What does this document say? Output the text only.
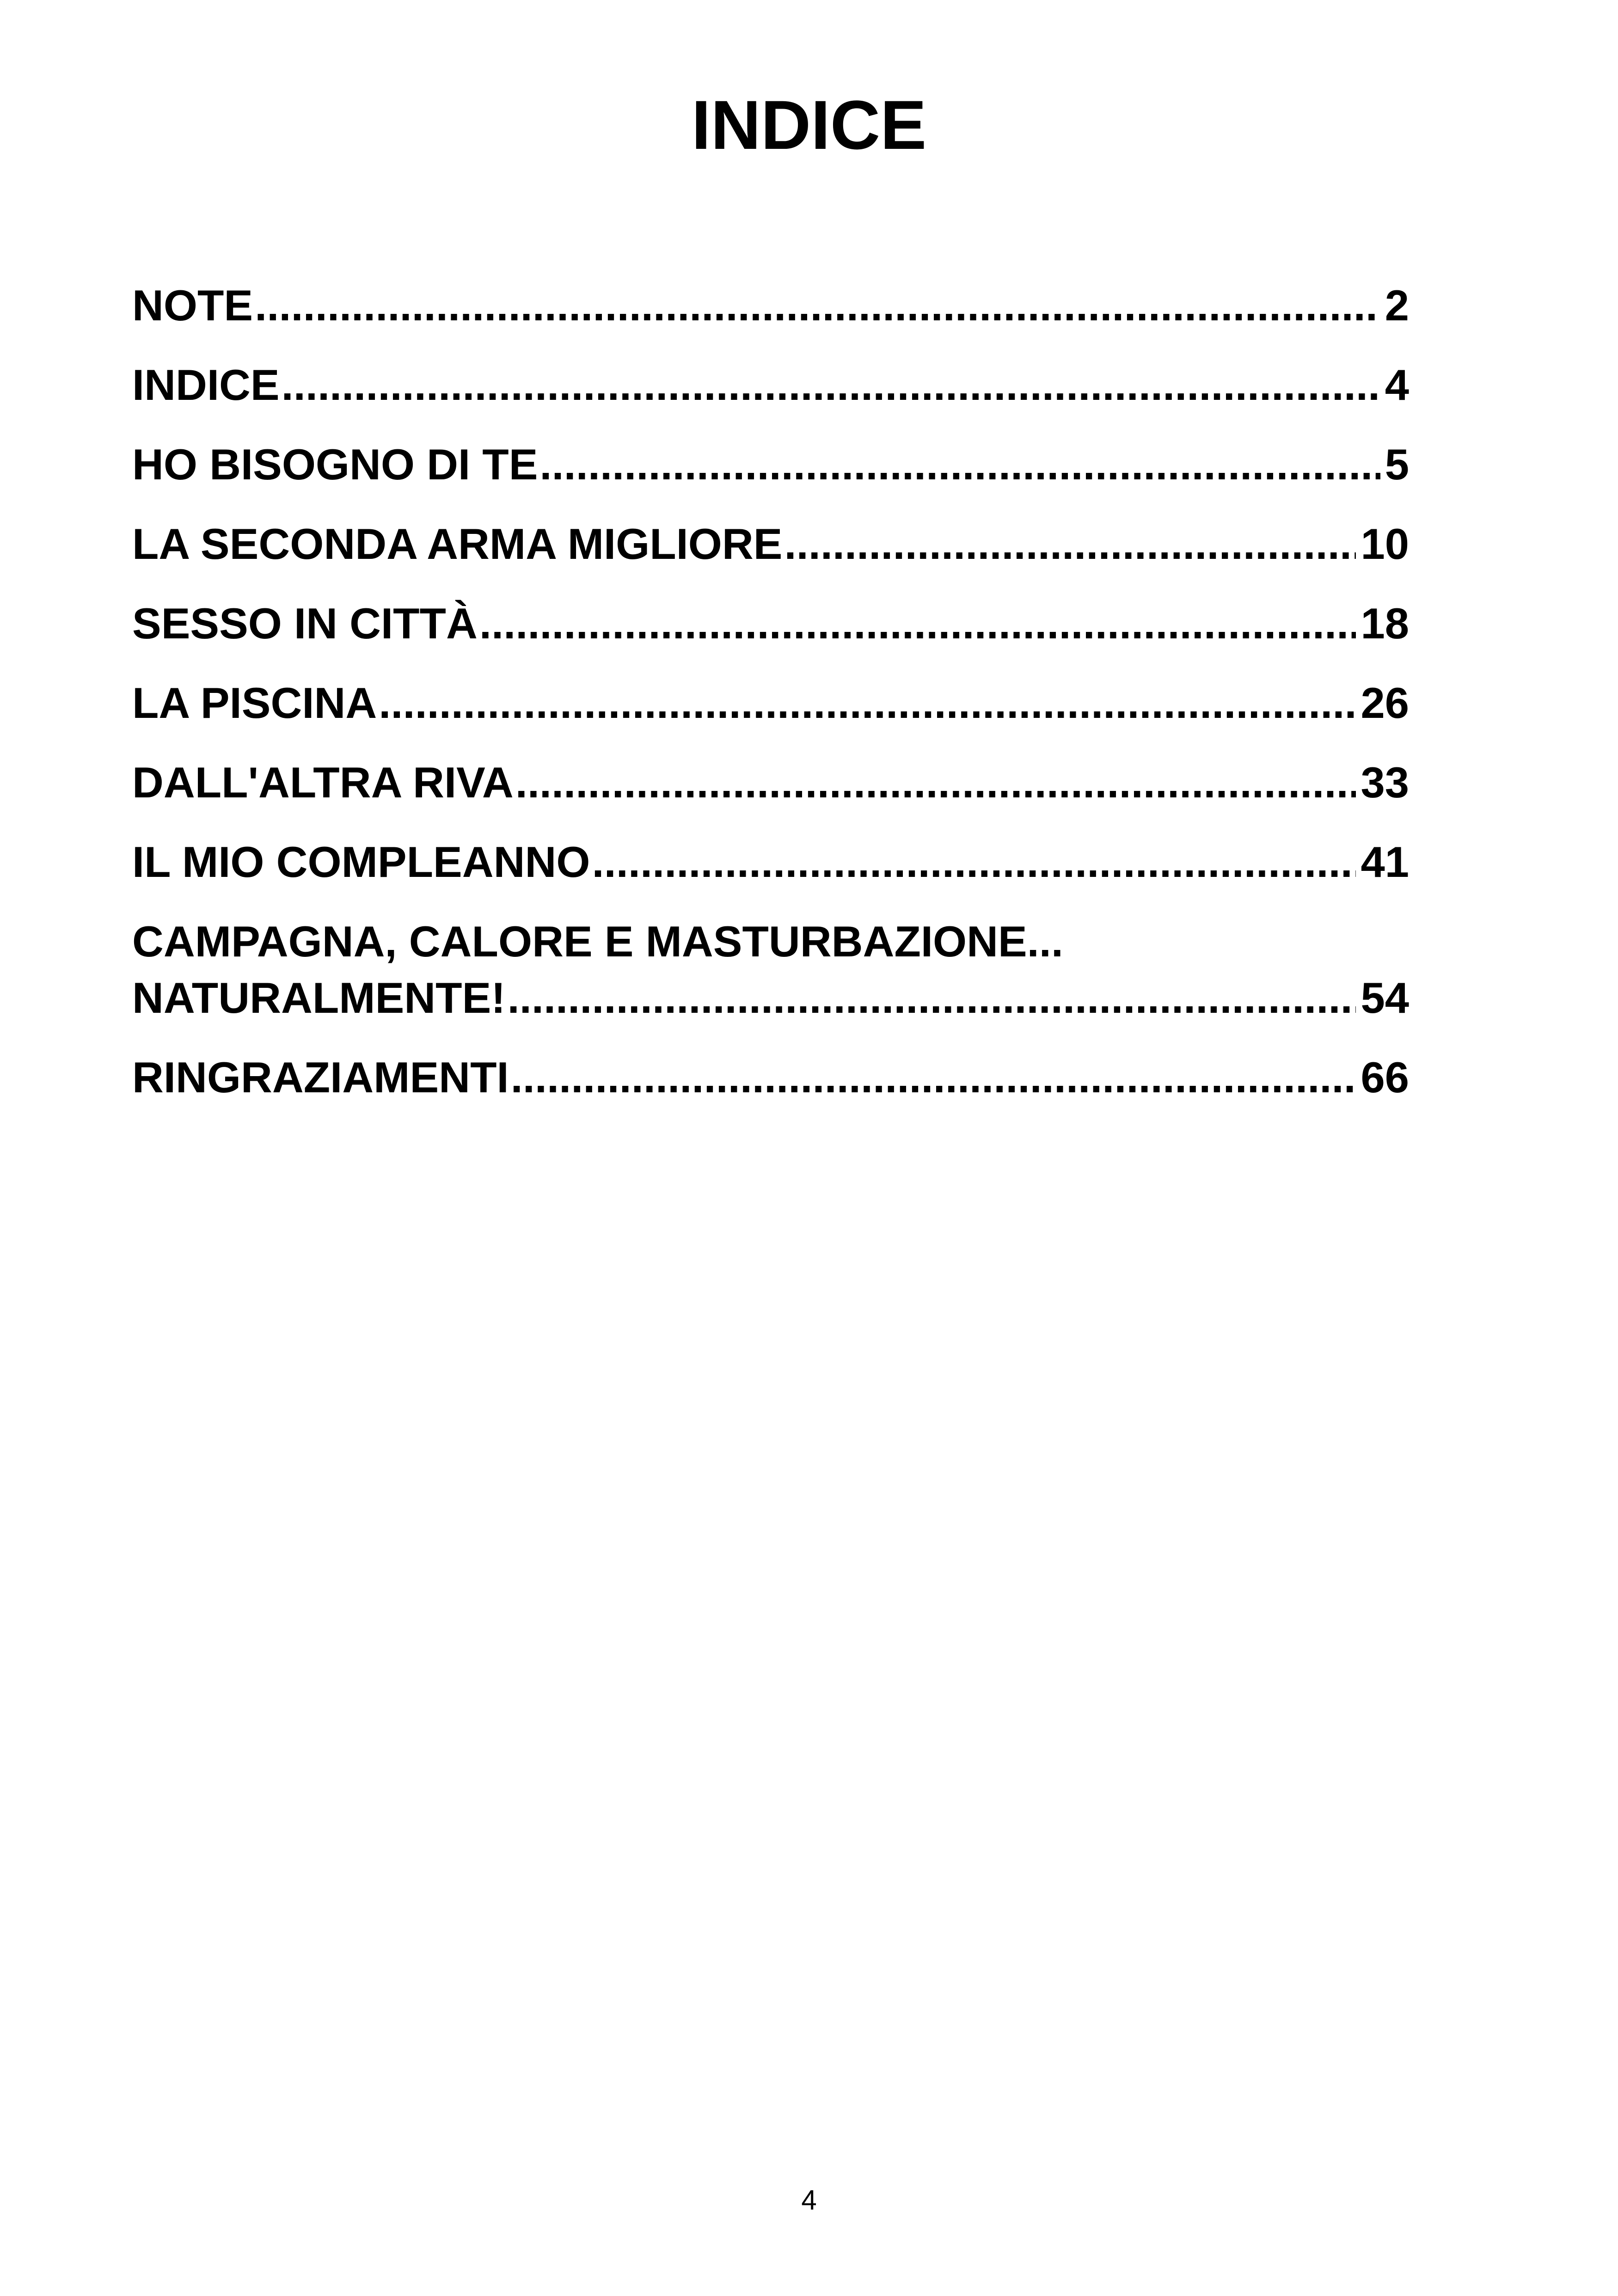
INDICE
NOTE .....	2
INDICE .....	4
HO BISOGNO DI TE .....	5
LA SECONDA ARMA MIGLIORE .....	10
SESSO IN CITTÀ .....	18
LA PISCINA .....	26
DALL'ALTRA RIVA .....	33
IL MIO COMPLEANNO .....	41
CAMPAGNA, CALORE E MASTURBAZIONE...
NATURALMENTE! .....	54
RINGRAZIAMENTI .....	66
4
